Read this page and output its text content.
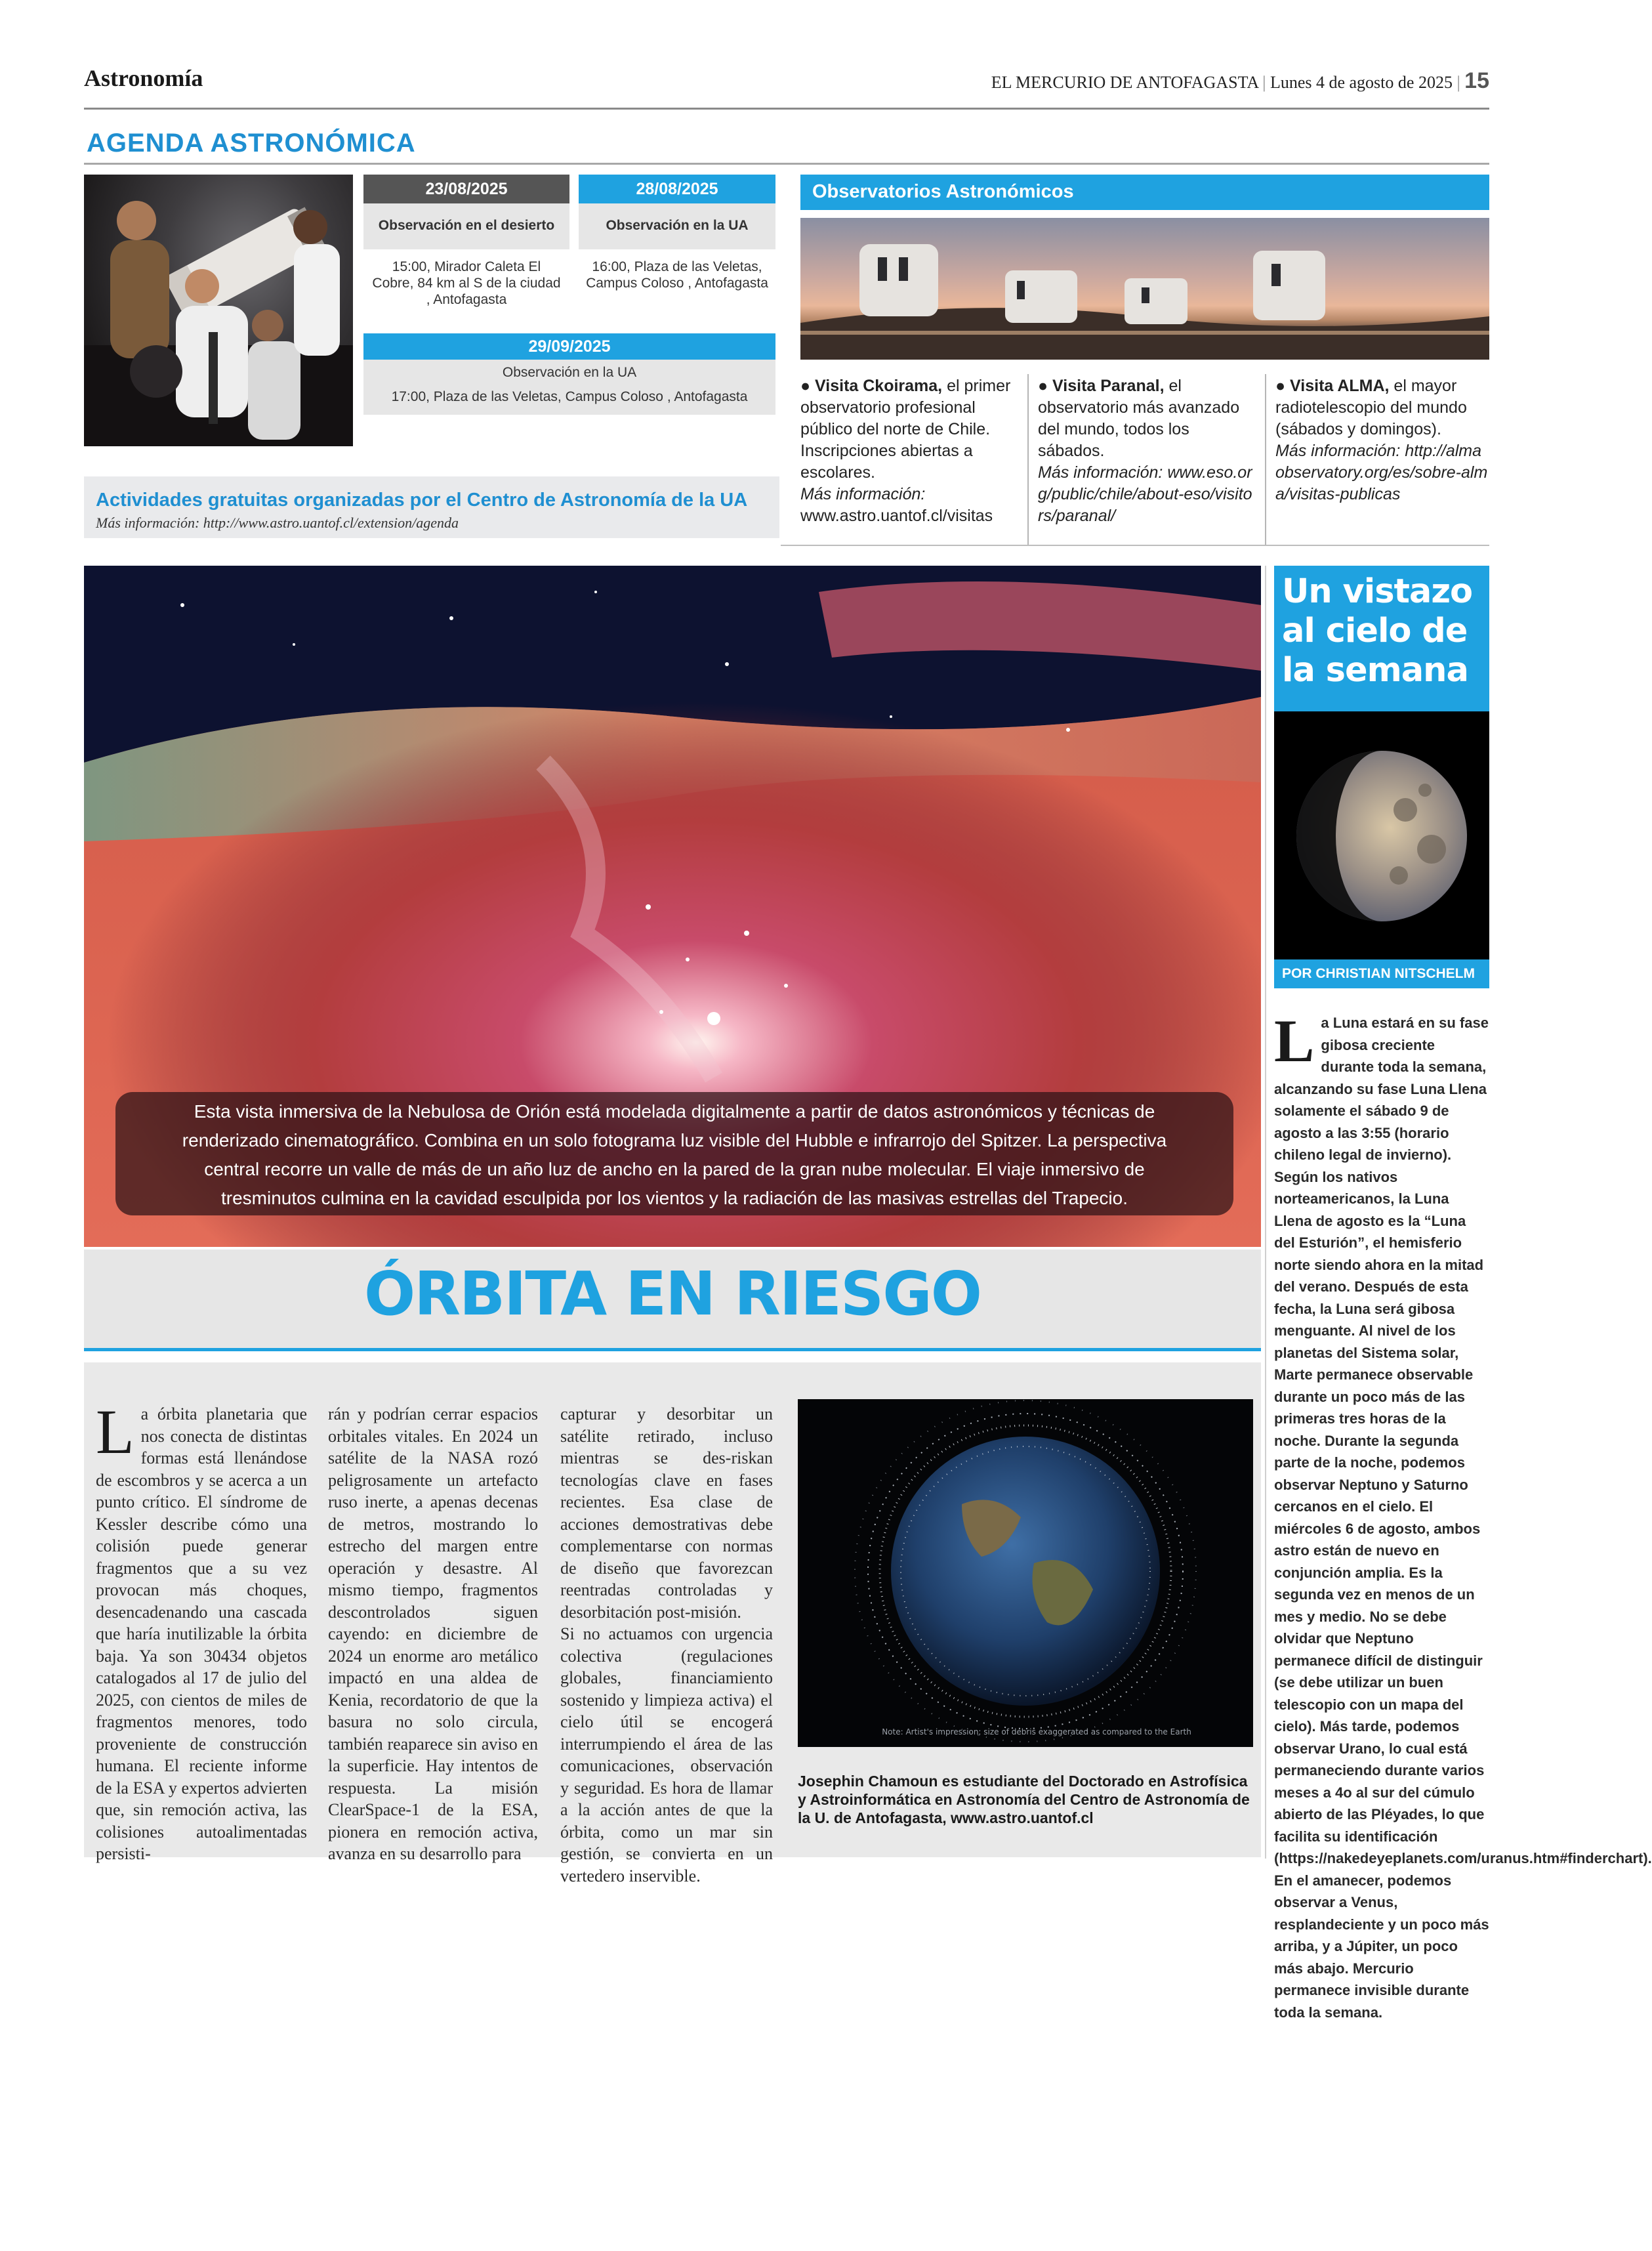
Astronomía	EL MERCURIO DE ANTOFAGASTA | Lunes 4 de agosto de 2025 | 15
AGENDA ASTRONÓMICA
23/08/2025
Observación en el desierto
15:00, Mirador Caleta El Cobre, 84 km al S de la ciudad , Antofagasta
28/08/2025
Observación en la UA
16:00, Plaza de las Veletas, Campus Coloso , Antofagasta
29/09/2025
Observación en la UA
17:00, Plaza de las Veletas, Campus Coloso , Antofagasta
Actividades gratuitas organizadas por el Centro de Astronomía de la UA
Más información: http://www.astro.uantof.cl/extension/agenda
Observatorios Astronómicos
● Visita Ckoirama, el primer observatorio profesional público del norte de Chile. Inscripciones abiertas a escolares.
Más información:
www.astro.uantof.cl/visitas
● Visita Paranal, el observatorio más avanzado del mundo, todos los sábados.
Más información: www.eso.org/public/chile/about-eso/visitors/paranal/
● Visita ALMA, el mayor radiotelescopio del mundo (sábados y domingos).
Más información: http://almaobservatory.org/es/sobre-alma/visitas-publicas
Esta vista inmersiva de la Nebulosa de Orión está modelada digitalmente a partir de datos astronómicos y técnicas de renderizado cinematográfico. Combina en un solo fotograma luz visible del Hubble e infrarrojo del Spitzer. La perspectiva central recorre un valle de más de un año luz de ancho en la pared de la gran nube molecular. El viaje inmersivo de tresminutos culmina en la cavidad esculpida por los vientos y la radiación de las masivas estrellas del Trapecio.
ÓRBITA EN RIESGO
L a órbita planetaria que nos conecta de distintas formas está llenándose de escombros y se acerca a un punto crítico. El síndrome de Kessler describe cómo una colisión puede generar fragmentos que a su vez provocan más choques, desencadenando una cascada que haría inutilizable la órbita baja. Ya son 30434 objetos catalogados al 17 de julio del 2025, con cientos de miles de fragmentos menores, todo proveniente de construcción humana. El reciente informe de la ESA y expertos advierten que, sin remoción activa, las colisiones autoalimentadas persisti-
rán y podrían cerrar espacios orbitales vitales. En 2024 un satélite de la NASA rozó peligrosamente un artefacto ruso inerte, a apenas decenas de metros, mostrando lo estrecho del margen entre operación y desastre. Al mismo tiempo, fragmentos descontrolados siguen cayendo: en diciembre de 2024 un enorme aro metálico impactó en una aldea de Kenia, recordatorio de que la basura no solo circula, también reaparece sin aviso en la superficie. Hay intentos de respuesta. La misión ClearSpace-1 de la ESA, pionera en remoción activa, avanza en su desarrollo para

capturar y desorbitar un satélite retirado, incluso mientras se des-riskan tecnologías clave en fases recientes. Esa clase de acciones demostrativas debe complementarse con normas de diseño que favorezcan reentradas controladas y desorbitación post-misión.

Si no actuamos con urgencia colectiva (regulaciones globales, financiamiento sostenido y limpieza activa) el cielo útil se encogerá interrumpiendo el área de las comunicaciones, observación y seguridad. Es hora de llamar a la acción antes de que la órbita, como un mar sin gestión, se convierta en un vertedero inservible.

Note: Artist's impression; size of debris exaggerated as compared to the Earth
Josephin Chamoun es estudiante del Doctorado en Astrofísica y Astroinformática en Astronomía del Centro de Astronomía de la U. de Antofagasta, www.astro.uantof.cl
Un vistazo al cielo de la semana
POR CHRISTIAN NITSCHELM
L a Luna estará en su fase gibosa creciente durante toda la semana, alcanzando su fase Luna Llena solamente el sábado 9 de agosto a las 3:55 (horario chileno legal de invierno). Según los nativos norteamericanos, la Luna Llena de agosto es la “Luna del Esturión”, el hemisferio norte siendo ahora en la mitad del verano. Después de esta fecha, la Luna será gibosa menguante. Al nivel de los planetas del Sistema solar, Marte permanece observable durante un poco más de las primeras tres horas de la noche. Durante la segunda parte de la noche, podemos observar Neptuno y Saturno cercanos en el cielo. El miércoles 6 de agosto, ambos astro están de nuevo en conjunción amplia. Es la segunda vez en menos de un mes y medio. No se debe olvidar que Neptuno permanece difícil de distinguir (se debe utilizar un buen telescopio con un mapa del cielo). Más tarde, podemos observar Urano, lo cual está permaneciendo durante varios meses a 4o al sur del cúmulo abierto de las Pléyades, lo que facilita su identificación (https://nakedeyeplanets.com/uranus.htm#finderchart). En el amanecer, podemos observar a Venus, resplandeciente y un poco más arriba, y a Júpiter, un poco más abajo. Mercurio permanece invisible durante toda la semana.
